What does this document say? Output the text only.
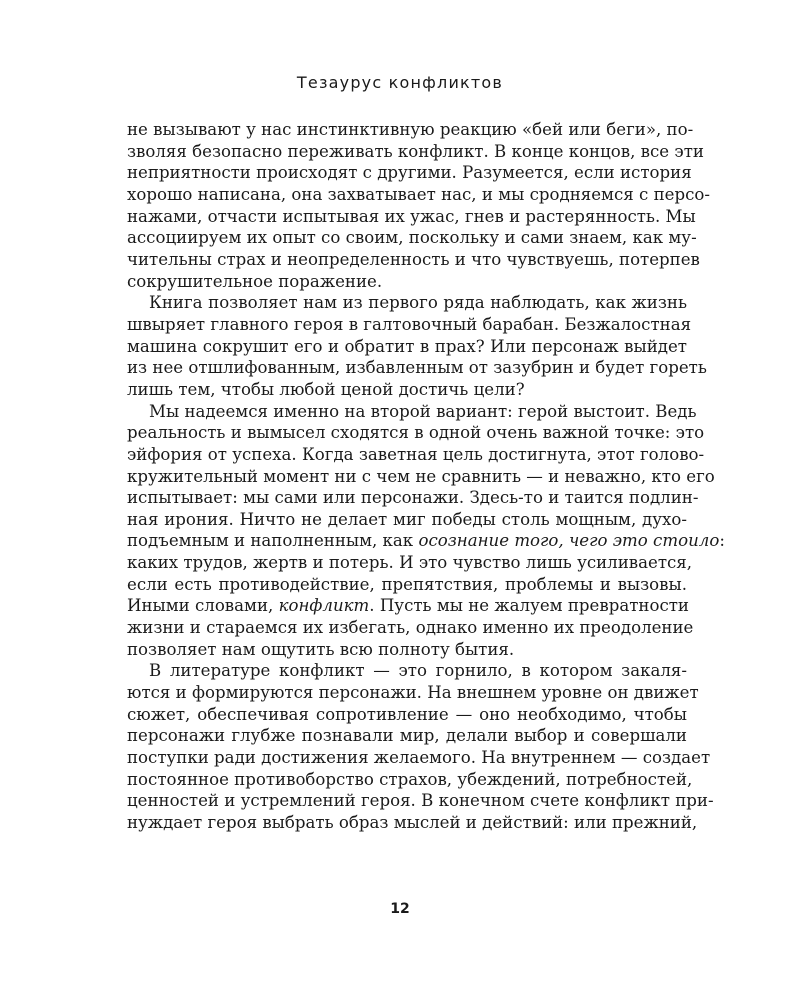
Тезаурус конфликтов
не вызывают у нас инстинктивную реакцию «бей или беги», по-
зволяя безопасно переживать конфликт. В конце концов, все эти
неприятности происходят с другими. Разумеется, если история
хорошо написана, она захватывает нас, и мы сродняемся с персо-
нажами, отчасти испытывая их ужас, гнев и растерянность. Мы
ассоциируем их опыт со своим, поскольку и сами знаем, как му-
чительны страх и неопределенность и что чувствуешь, потерпев
сокрушительное поражение.
Книга позволяет нам из первого ряда наблюдать, как жизнь
швыряет главного героя в галтовочный барабан. Безжалостная
машина сокрушит его и обратит в прах? Или персонаж выйдет
из нее отшлифованным, избавленным от зазубрин и будет гореть
лишь тем, чтобы любой ценой достичь цели?
Мы надеемся именно на второй вариант: герой выстоит. Ведь
реальность и вымысел сходятся в одной очень важной точке: это
эйфория от успеха. Когда заветная цель достигнута, этот голово-
кружительный момент ни с чем не сравнить — и неважно, кто его
испытывает: мы сами или персонажи. Здесь-то и таится подлин-
ная ирония. Ничто не делает миг победы столь мощным, духо-
подъемным и наполненным, как осознание того, чего это стоило:
каких трудов, жертв и потерь. И это чувство лишь усиливается,
если есть противодействие, препятствия, проблемы и вызовы.
Иными словами, конфликт. Пусть мы не жалуем превратности
жизни и стараемся их избегать, однако именно их преодоление
позволяет нам ощутить всю полноту бытия.
В литературе конфликт — это горнило, в котором закаля-
ются и формируются персонажи. На внешнем уровне он движет
сюжет, обеспечивая сопротивление — оно необходимо, чтобы
персонажи глубже познавали мир, делали выбор и совершали
поступки ради достижения желаемого. На внутреннем — создает
постоянное противоборство страхов, убеждений, потребностей,
ценностей и устремлений героя. В конечном счете конфликт при-
нуждает героя выбрать образ мыслей и действий: или прежний,
12
